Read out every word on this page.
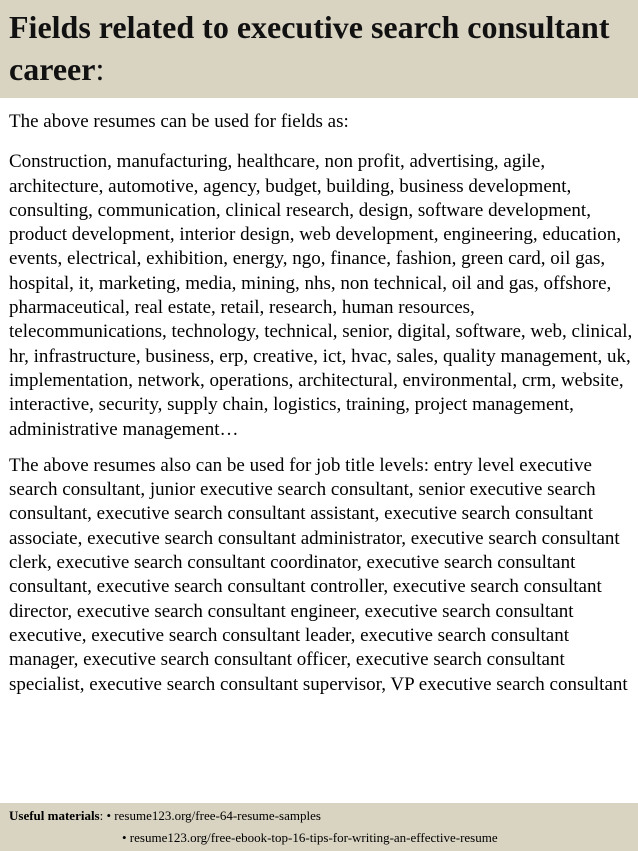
Fields related to executive search consultant career:

The above resumes can be used for fields as:

Construction, manufacturing, healthcare, non profit, advertising, agile, architecture, automotive, agency, budget, building, business development, consulting, communication, clinical research, design, software development, product development, interior design, web development, engineering, education, events, electrical, exhibition, energy, ngo, finance, fashion, green card, oil gas, hospital, it, marketing, media, mining, nhs, non technical, oil and gas, offshore, pharmaceutical, real estate, retail, research, human resources, telecommunications, technology, technical, senior, digital, software, web, clinical, hr, infrastructure, business, erp, creative, ict, hvac, sales, quality management, uk, implementation, network, operations, architectural, environmental, crm, website, interactive, security, supply chain, logistics, training, project management, administrative management…

The above resumes also can be used for job title levels: entry level executive search consultant, junior executive search consultant, senior executive search consultant, executive search consultant assistant, executive search consultant associate, executive search consultant administrator, executive search consultant clerk, executive search consultant coordinator, executive search consultant consultant, executive search consultant controller, executive search consultant director, executive search consultant engineer, executive search consultant executive, executive search consultant leader, executive search consultant manager, executive search consultant officer, executive search consultant specialist, executive search consultant supervisor, VP executive search consultant

Useful materials: • resume123.org/free-64-resume-samples
• resume123.org/free-ebook-top-16-tips-for-writing-an-effective-resume
